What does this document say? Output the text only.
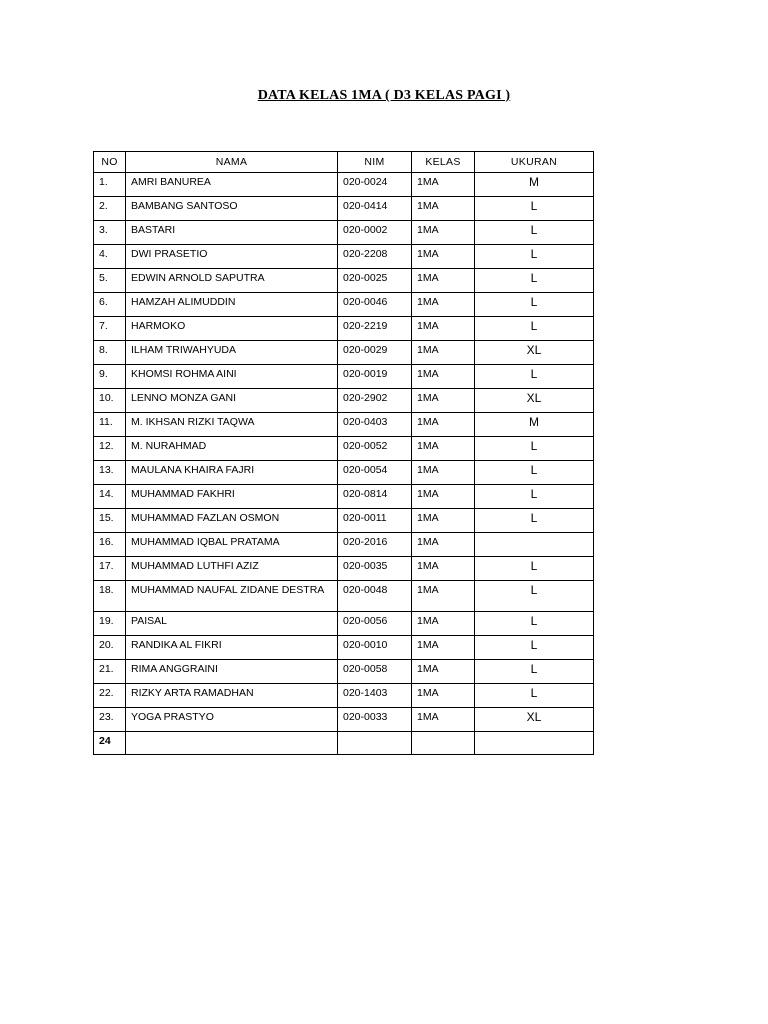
DATA KELAS 1MA ( D3 KELAS PAGI )
NO	NAMA	NIM	KELAS	UKURAN
1.	AMRI BANUREA	020-0024	1MA	M
2.	BAMBANG SANTOSO	020-0414	1MA	L
3.	BASTARI	020-0002	1MA	L
4.	DWI PRASETIO	020-2208	1MA	L
5.	EDWIN ARNOLD SAPUTRA	020-0025	1MA	L
6.	HAMZAH ALIMUDDIN	020-0046	1MA	L
7.	HARMOKO	020-2219	1MA	L
8.	ILHAM TRIWAHYUDA	020-0029	1MA	XL
9.	KHOMSI ROHMA AINI	020-0019	1MA	L
10.	LENNO MONZA GANI	020-2902	1MA	XL
11.	M. IKHSAN RIZKI TAQWA	020-0403	1MA	M
12.	M. NURAHMAD	020-0052	1MA	L
13.	MAULANA KHAIRA FAJRI	020-0054	1MA	L
14.	MUHAMMAD FAKHRI	020-0814	1MA	L
15.	MUHAMMAD FAZLAN OSMON	020-0011	1MA	L
16.	MUHAMMAD IQBAL PRATAMA	020-2016	1MA	
17.	MUHAMMAD LUTHFI AZIZ	020-0035	1MA	L
18.	MUHAMMAD NAUFAL ZIDANE DESTRA	020-0048	1MA	L
19.	PAISAL	020-0056	1MA	L
20.	RANDIKA AL FIKRI	020-0010	1MA	L
21.	RIMA ANGGRAINI	020-0058	1MA	L
22.	RIZKY ARTA RAMADHAN	020-1403	1MA	L
23.	YOGA PRASTYO	020-0033	1MA	XL
24				
